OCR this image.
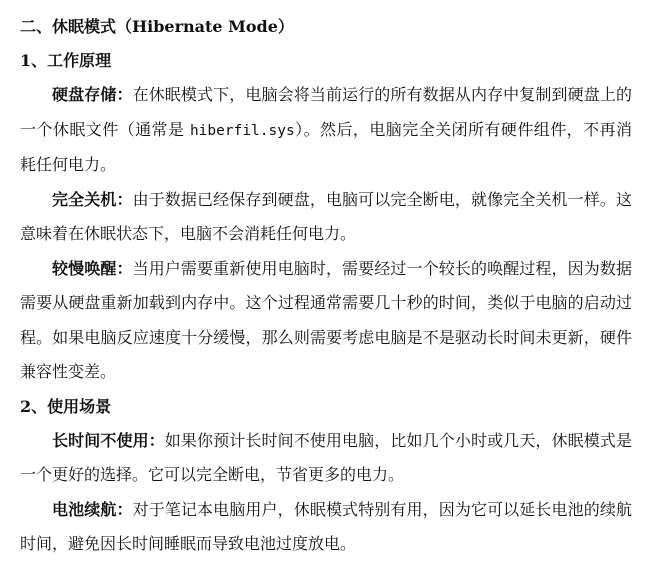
二、休眠模式（Hibernate Mode）
1、工作原理

硬盘存储：在休眠模式下，电脑会将当前运行的所有数据从内存中复制到硬盘上的一个休眠文件（通常是 hiberfil.sys）。然后，电脑完全关闭所有硬件组件，不再消耗任何电力。

完全关机：由于数据已经保存到硬盘，电脑可以完全断电，就像完全关机一样。这意味着在休眠状态下，电脑不会消耗任何电力。

较慢唤醒：当用户需要重新使用电脑时，需要经过一个较长的唤醒过程，因为数据需要从硬盘重新加载到内存中。这个过程通常需要几十秒的时间，类似于电脑的启动过程。如果电脑反应速度十分缓慢，那么则需要考虑电脑是不是驱动长时间未更新，硬件兼容性变差。

2、使用场景

长时间不使用：如果你预计长时间不使用电脑，比如几个小时或几天，休眠模式是一个更好的选择。它可以完全断电，节省更多的电力。

电池续航：对于笔记本电脑用户，休眠模式特别有用，因为它可以延长电池的续航时间，避免因长时间睡眠而导致电池过度放电。
